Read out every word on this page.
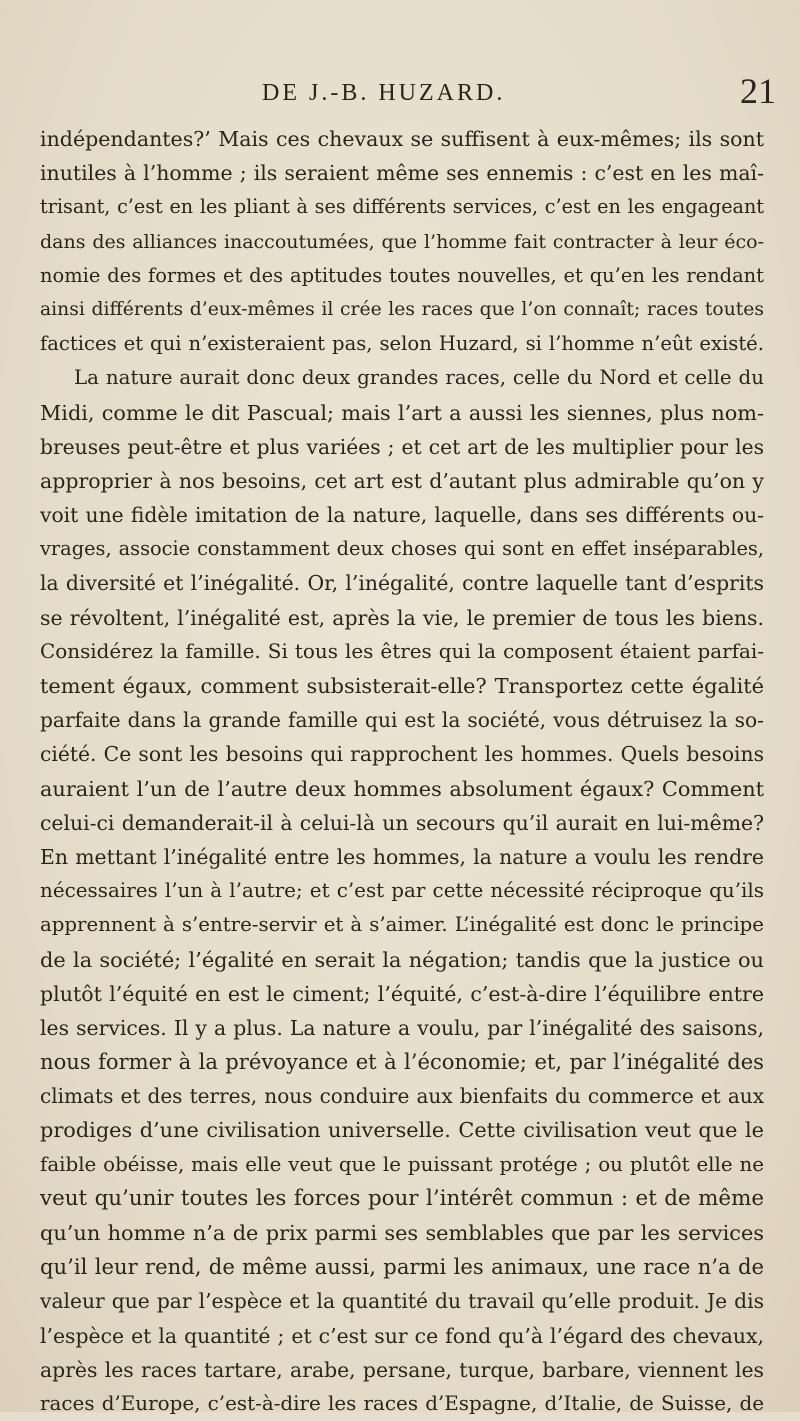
DE J.-B. HUZARD.	21
indépendantes?’ Mais ces chevaux se suffisent à eux-mêmes; ils sont
inutiles à l’homme ; ils seraient même ses ennemis : c’est en les maî-
trisant, c’est en les pliant à ses différents services, c’est en les engageant
dans des alliances inaccoutumées, que l’homme fait contracter à leur éco-
nomie des formes et des aptitudes toutes nouvelles, et qu’en les rendant
ainsi différents d’eux-mêmes il crée les races que l’on connaît; races toutes
factices et qui n’existeraient pas, selon Huzard, si l’homme n’eût existé.
La nature aurait donc deux grandes races, celle du Nord et celle du
Midi, comme le dit Pascual; mais l’art a aussi les siennes, plus nom-
breuses peut-être et plus variées ; et cet art de les multiplier pour les
approprier à nos besoins, cet art est d’autant plus admirable qu’on y
voit une fidèle imitation de la nature, laquelle, dans ses différents ou-
vrages, associe constamment deux choses qui sont en effet inséparables,
la diversité et l’inégalité. Or, l’inégalité, contre laquelle tant d’esprits
se révoltent, l’inégalité est, après la vie, le premier de tous les biens.
Considérez la famille. Si tous les êtres qui la composent étaient parfai-
tement égaux, comment subsisterait-elle? Transportez cette égalité
parfaite dans la grande famille qui est la société, vous détruisez la so-
ciété. Ce sont les besoins qui rapprochent les hommes. Quels besoins
auraient l’un de l’autre deux hommes absolument égaux? Comment
celui-ci demanderait-il à celui-là un secours qu’il aurait en lui-même?
En mettant l’inégalité entre les hommes, la nature a voulu les rendre
nécessaires l’un à l’autre; et c’est par cette nécessité réciproque qu’ils
apprennent à s’entre-servir et à s’aimer. L’inégalité est donc le principe
de la société; l’égalité en serait la négation; tandis que la justice ou
plutôt l’équité en est le ciment; l’équité, c’est-à-dire l’équilibre entre
les services. Il y a plus. La nature a voulu, par l’inégalité des saisons,
nous former à la prévoyance et à l’économie; et, par l’inégalité des
climats et des terres, nous conduire aux bienfaits du commerce et aux
prodiges d’une civilisation universelle. Cette civilisation veut que le
faible obéisse, mais elle veut que le puissant protége ; ou plutôt elle ne
veut qu’unir toutes les forces pour l’intérêt commun : et de même
qu’un homme n’a de prix parmi ses semblables que par les services
qu’il leur rend, de même aussi, parmi les animaux, une race n’a de
valeur que par l’espèce et la quantité du travail qu’elle produit. Je dis
l’espèce et la quantité ; et c’est sur ce fond qu’à l’égard des chevaux,
après les races tartare, arabe, persane, turque, barbare, viennent les
races d’Europe, c’est-à-dire les races d’Espagne, d’Italie, de Suisse, de
